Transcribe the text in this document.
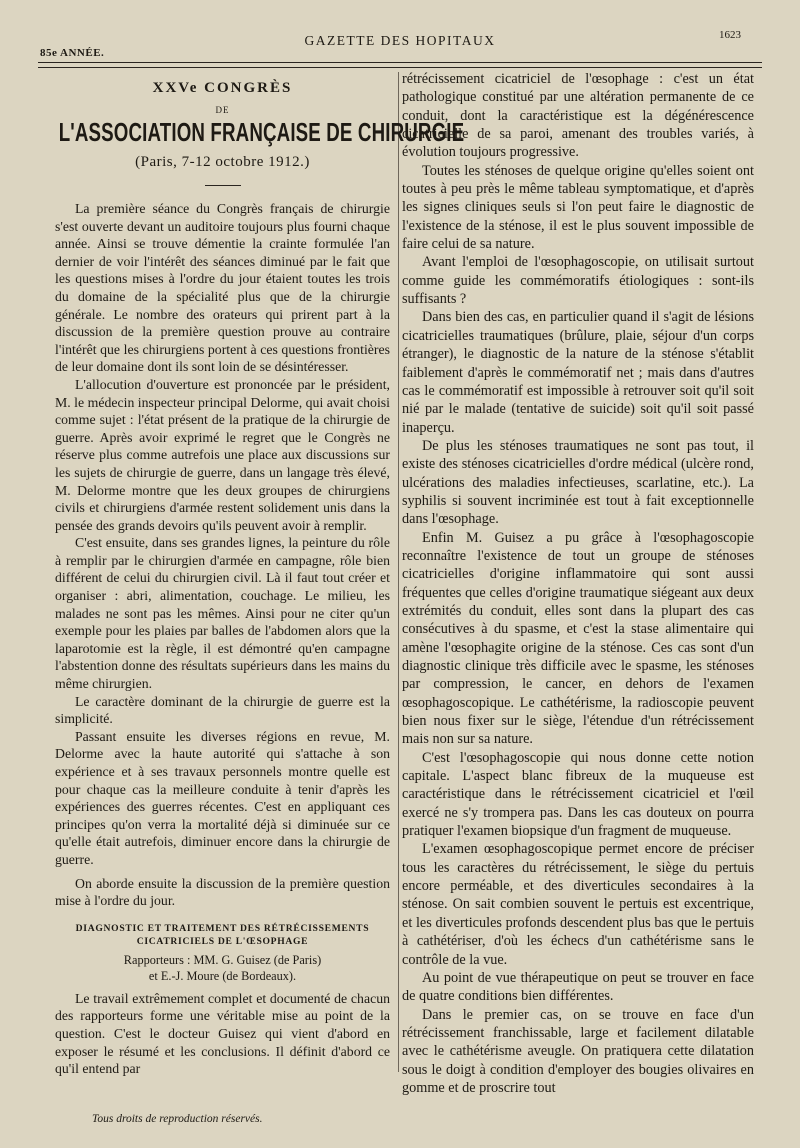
85e ANNÉE.
GAZETTE DES HOPITAUX	1623
XXVe CONGRÈS
DE
L'ASSOCIATION FRANÇAISE DE CHIRURGIE
(Paris, 7-12 octobre 1912.)

La première séance du Congrès français de chirurgie s'est ouverte devant un auditoire toujours plus fourni chaque année. Ainsi se trouve démentie la crainte formulée l'an dernier de voir l'intérêt des séances diminué par le fait que les questions mises à l'ordre du jour étaient toutes les trois du domaine de la spécialité plus que de la chirurgie générale. Le nombre des orateurs qui prirent part à la discussion de la première question prouve au contraire l'intérêt que les chirurgiens portent à ces questions frontières de leur domaine dont ils sont loin de se désintéresser.

L'allocution d'ouverture est prononcée par le président, M. le médecin inspecteur principal Delorme, qui avait choisi comme sujet : l'état présent de la pratique de la chirurgie de guerre. Après avoir exprimé le regret que le Congrès ne réserve plus comme autrefois une place aux discussions sur les sujets de chirurgie de guerre, dans un langage très élevé, M. Delorme montre que les deux groupes de chirurgiens civils et chirurgiens d'armée restent solidement unis dans la pensée des grands devoirs qu'ils peuvent avoir à remplir.

C'est ensuite, dans ses grandes lignes, la peinture du rôle à remplir par le chirurgien d'armée en campagne, rôle bien différent de celui du chirurgien civil. Là il faut tout créer et organiser : abri, alimentation, couchage. Le milieu, les malades ne sont pas les mêmes. Ainsi pour ne citer qu'un exemple pour les plaies par balles de l'abdomen alors que la laparotomie est la règle, il est démontré qu'en campagne l'abstention donne des résultats supérieurs dans les mains du même chirurgien.

Le caractère dominant de la chirurgie de guerre est la simplicité.

Passant ensuite les diverses régions en revue, M. Delorme avec la haute autorité qui s'attache à son expérience et à ses travaux personnels montre quelle est pour chaque cas la meilleure conduite à tenir d'après les expériences des guerres récentes. C'est en appliquant ces principes qu'on verra la mortalité déjà si diminuée sur ce qu'elle était autrefois, diminuer encore dans la chirurgie de guerre.

On aborde ensuite la discussion de la première question mise à l'ordre du jour.

DIAGNOSTIC ET TRAITEMENT DES RÉTRÉCISSEMENTS
CICATRICIELS DE L'ŒSOPHAGE
Rapporteurs : MM. G. Guisez (de Paris)
et E.-J. Moure (de Bordeaux).

Le travail extrêmement complet et documenté de chacun des rapporteurs forme une véritable mise au point de la question. C'est le docteur Guisez qui vient d'abord en exposer le résumé et les conclusions. Il définit d'abord ce qu'il entend par

rétrécissement cicatriciel de l'œsophage : c'est un état pathologique constitué par une altération permanente de ce conduit, dont la caractéristique est la dégénérescence cicatricielle de sa paroi, amenant des troubles variés, à évolution toujours progressive.

Toutes les sténoses de quelque origine qu'elles soient ont toutes à peu près le même tableau symptomatique, et d'après les signes cliniques seuls si l'on peut faire le diagnostic de l'existence de la sténose, il est le plus souvent impossible de faire celui de sa nature.

Avant l'emploi de l'œsophagoscopie, on utilisait surtout comme guide les commémoratifs étiologiques : sont-ils suffisants ?

Dans bien des cas, en particulier quand il s'agit de lésions cicatricielles traumatiques (brûlure, plaie, séjour d'un corps étranger), le diagnostic de la nature de la sténose s'établit faiblement d'après le commémoratif net ; mais dans d'autres cas le commémoratif est impossible à retrouver soit qu'il soit nié par le malade (tentative de suicide) soit qu'il soit passé inaperçu.

De plus les sténoses traumatiques ne sont pas tout, il existe des sténoses cicatricielles d'ordre médical (ulcère rond, ulcérations des maladies infectieuses, scarlatine, etc.). La syphilis si souvent incriminée est tout à fait exceptionnelle dans l'œsophage.

Enfin M. Guisez a pu grâce à l'œsophagoscopie reconnaître l'existence de tout un groupe de sténoses cicatricielles d'origine inflammatoire qui sont aussi fréquentes que celles d'origine traumatique siégeant aux deux extrémités du conduit, elles sont dans la plupart des cas consécutives à du spasme, et c'est la stase alimentaire qui amène l'œsophagite origine de la sténose. Ces cas sont d'un diagnostic clinique très difficile avec le spasme, les sténoses par compression, le cancer, en dehors de l'examen œsophagoscopique. Le cathétérisme, la radioscopie peuvent bien nous fixer sur le siège, l'étendue d'un rétrécissement mais non sur sa nature.

C'est l'œsophagoscopie qui nous donne cette notion capitale. L'aspect blanc fibreux de la muqueuse est caractéristique dans le rétrécissement cicatriciel et l'œil exercé ne s'y trompera pas. Dans les cas douteux on pourra pratiquer l'examen biopsique d'un fragment de muqueuse.

L'examen œsophagoscopique permet encore de préciser tous les caractères du rétrécissement, le siège du pertuis encore perméable, et des diverticules secondaires à la sténose. On sait combien souvent le pertuis est excentrique, et les diverticules profonds descendent plus bas que le pertuis à cathétériser, d'où les échecs d'un cathétérisme sans le contrôle de la vue.

Au point de vue thérapeutique on peut se trouver en face de quatre conditions bien différentes.

Dans le premier cas, on se trouve en face d'un rétrécissement franchissable, large et facilement dilatable avec le cathétérisme aveugle. On pratiquera cette dilatation sous le doigt à condition d'employer des bougies olivaires en gomme et de proscrire tout

Tous droits de reproduction réservés.
